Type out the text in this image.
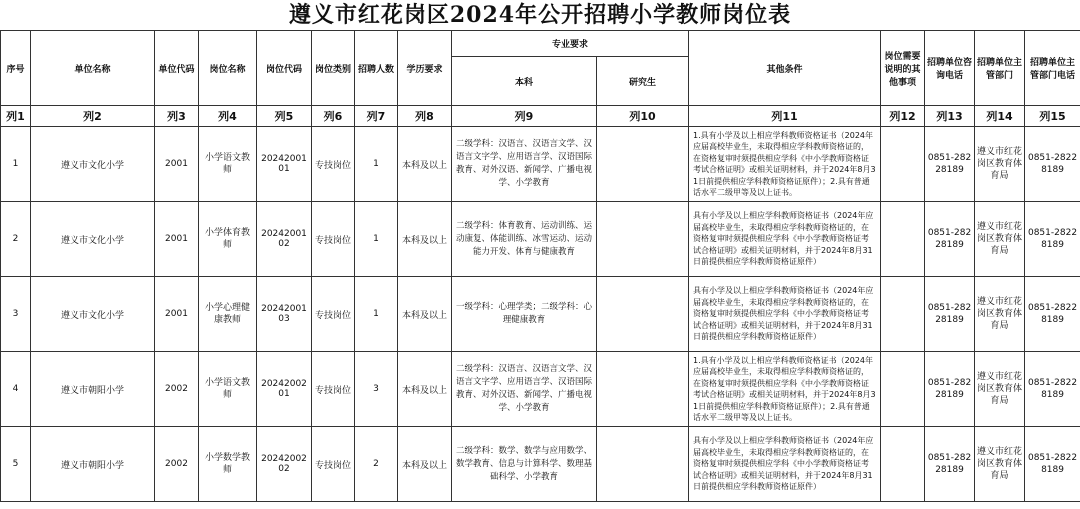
遵义市红花岗区2024年公开招聘小学教师岗位表
序号	单位名称	单位代码	岗位名称	岗位代码	岗位类别	招聘人数	学历要求	专业要求		其他条件	岗位需要说明的其他事项	招聘单位咨询电话	招聘单位主管部门	招聘单位主管部门电话
								本科	研究生					
列1	列2	列3	列4	列5	列6	列7	列8	列9	列10	列11	列12	列13	列14	列15
1	遵义市文化小学	2001	小学语文教师	2024200101	专技岗位	1	本科及以上	二级学科：汉语言、汉语言文学、汉语言文字学、应用语言学、汉语国际教育、对外汉语、新闻学、广播电视学、小学教育		1.具有小学及以上相应学科教师资格证书（2024年应届高校毕业生，未取得相应学科教师资格证的，在资格复审时须提供相应学科《中小学教师资格证考试合格证明》或相关证明材料，并于2024年8月31日前提供相应学科教师资格证原件）；2.具有普通话水平二级甲等及以上证书。		0851-28228189	遵义市红花岗区教育体育局	0851-28228189
2	遵义市文化小学	2001	小学体育教师	2024200102	专技岗位	1	本科及以上	二级学科：体育教育、运动训练、运动康复、体能训练、冰雪运动、运动能力开发、体育与健康教育		具有小学及以上相应学科教师资格证书（2024年应届高校毕业生，未取得相应学科教师资格证的，在资格复审时须提供相应学科《中小学教师资格证考试合格证明》或相关证明材料，并于2024年8月31日前提供相应学科教师资格证原件）		0851-28228189	遵义市红花岗区教育体育局	0851-28228189
3	遵义市文化小学	2001	小学心理健康教师	2024200103	专技岗位	1	本科及以上	一级学科：心理学类；二级学科：心理健康教育		具有小学及以上相应学科教师资格证书（2024年应届高校毕业生，未取得相应学科教师资格证的，在资格复审时须提供相应学科《中小学教师资格证考试合格证明》或相关证明材料，并于2024年8月31日前提供相应学科教师资格证原件）		0851-28228189	遵义市红花岗区教育体育局	0851-28228189
4	遵义市朝阳小学	2002	小学语文教师	2024200201	专技岗位	3	本科及以上	二级学科：汉语言、汉语言文学、汉语言文字学、应用语言学、汉语国际教育、对外汉语、新闻学、广播电视学、小学教育		1.具有小学及以上相应学科教师资格证书（2024年应届高校毕业生，未取得相应学科教师资格证的，在资格复审时须提供相应学科《中小学教师资格证考试合格证明》或相关证明材料，并于2024年8月31日前提供相应学科教师资格证原件）；2.具有普通话水平二级甲等及以上证书。		0851-28228189	遵义市红花岗区教育体育局	0851-28228189
5	遵义市朝阳小学	2002	小学数学教师	2024200202	专技岗位	2	本科及以上	二级学科：数学、数学与应用数学、数学教育、信息与计算科学、数理基础科学、小学教育		具有小学及以上相应学科教师资格证书（2024年应届高校毕业生，未取得相应学科教师资格证的，在资格复审时须提供相应学科《中小学教师资格证考试合格证明》或相关证明材料，并于2024年8月31日前提供相应学科教师资格证原件）		0851-28228189	遵义市红花岗区教育体育局	0851-28228189
